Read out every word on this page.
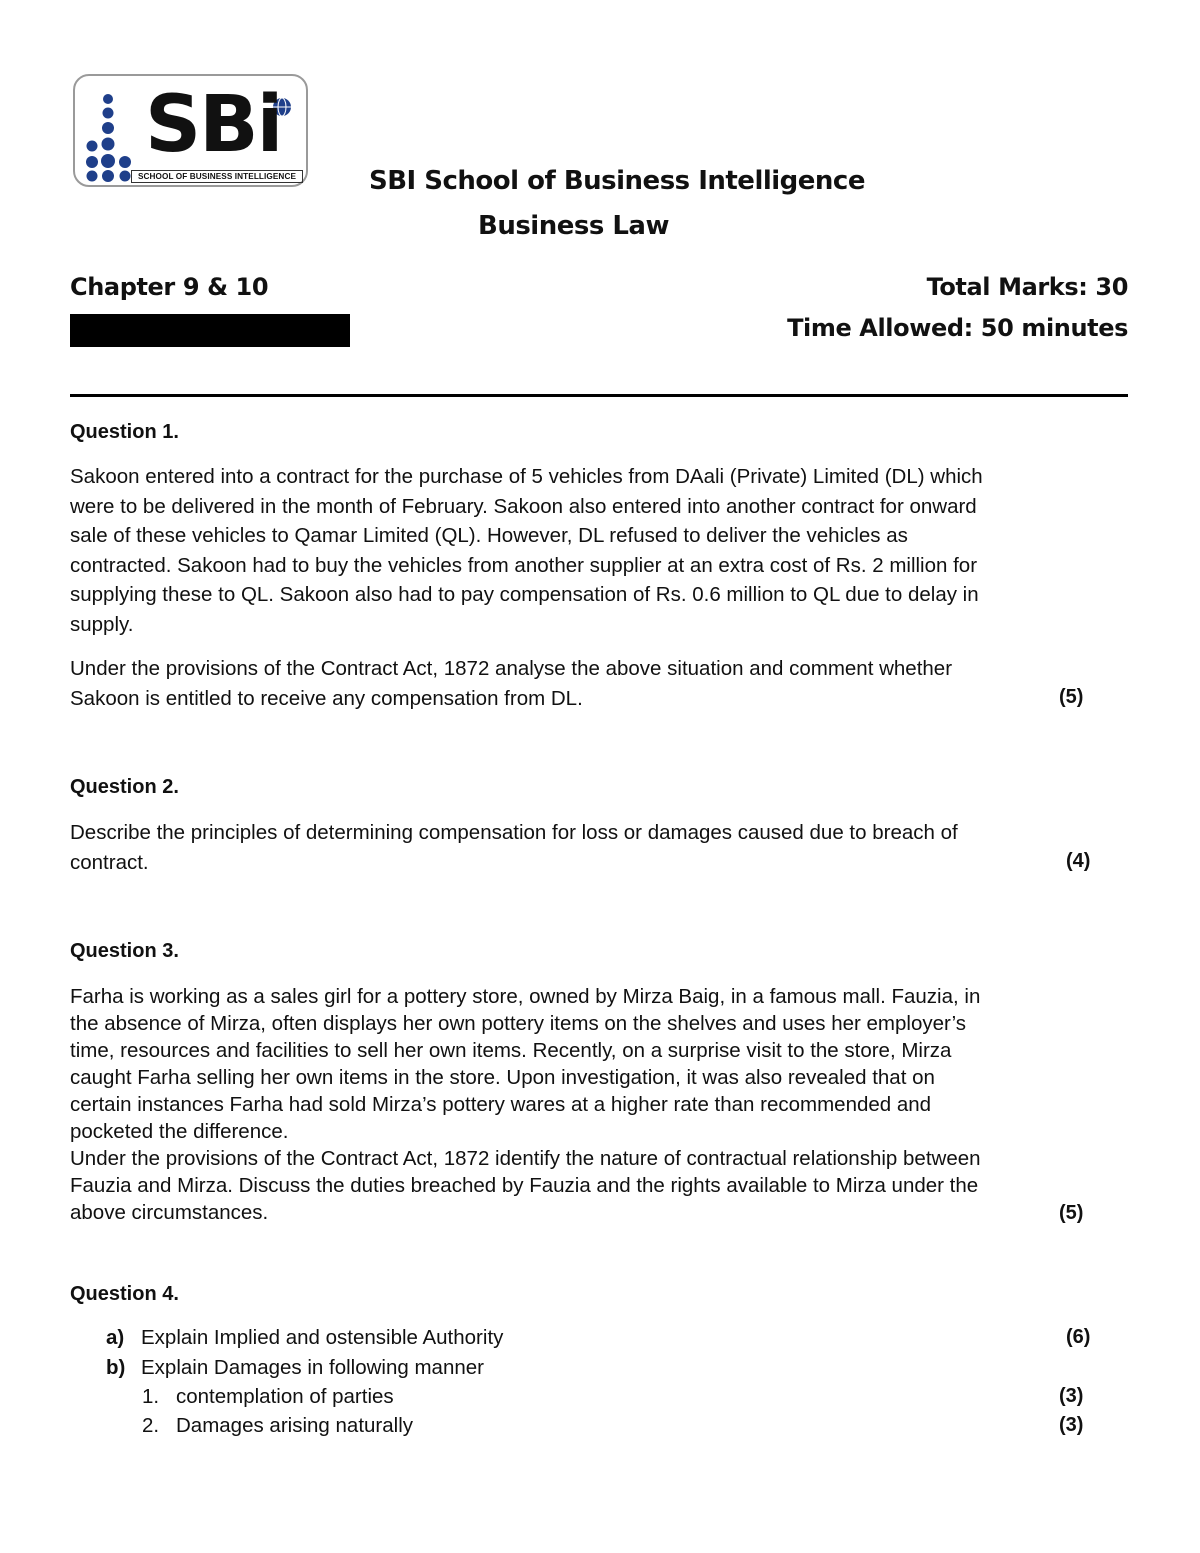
SBi
SCHOOL OF BUSINESS INTELLIGENCE	SBI School of Business Intelligence
Business Law
Chapter 9 & 10	Total Marks: 30
Time Allowed: 50 minutes
Question 1.
Sakoon entered into a contract for the purchase of 5 vehicles from DAali (Private) Limited (DL) which
were to be delivered in the month of February. Sakoon also entered into another contract for onward
sale of these vehicles to Qamar Limited (QL). However, DL refused to deliver the vehicles as
contracted. Sakoon had to buy the vehicles from another supplier at an extra cost of Rs. 2 million for
supplying these to QL. Sakoon also had to pay compensation of Rs. 0.6 million to QL due to delay in
supply.
Under the provisions of the Contract Act, 1872 analyse the above situation and comment whether
Sakoon is entitled to receive any compensation from DL.	(5)
Question 2.
Describe the principles of determining compensation for loss or damages caused due to breach of
contract.	(4)
Question 3.
Farha is working as a sales girl for a pottery store, owned by Mirza Baig, in a famous mall. Fauzia, in
the absence of Mirza, often displays her own pottery items on the shelves and uses her employer’s
time, resources and facilities to sell her own items. Recently, on a surprise visit to the store, Mirza
caught Farha selling her own items in the store. Upon investigation, it was also revealed that on
certain instances Farha had sold Mirza’s pottery wares at a higher rate than recommended and
pocketed the difference.
Under the provisions of the Contract Act, 1872 identify the nature of contractual relationship between
Fauzia and Mirza. Discuss the duties breached by Fauzia and the rights available to Mirza under the
above circumstances.	(5)
Question 4.
a) Explain Implied and ostensible Authority	(6)
b) Explain Damages in following manner
1. contemplation of parties	(3)
2. Damages arising naturally	(3)
